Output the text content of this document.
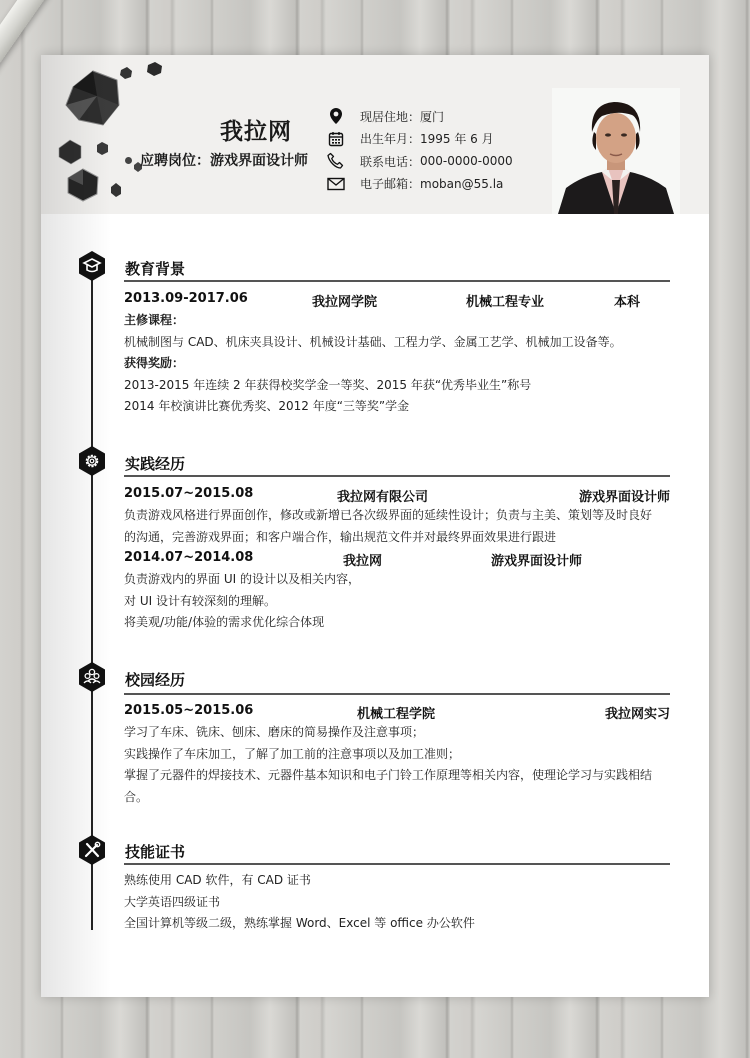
我拉网
应聘岗位：游戏界面设计师
现居住地： 厦门
出生年月： 1995 年 6 月
联系电话： 000-0000-0000
电子邮箱： moban@55.la
教育背景
2013.09-2017.06	我拉网学院	机械工程专业	本科
主修课程：
机械制图与 CAD、机床夹具设计、机械设计基础、工程力学、金属工艺学、机械加工设备等。
获得奖励：
2013-2015 年连续 2 年获得校奖学金一等奖、2015 年获“优秀毕业生”称号
2014 年校演讲比赛优秀奖、2012 年度“三等奖”学金
实践经历
2015.07~2015.08	我拉网有限公司	游戏界面设计师
负责游戏风格进行界面创作，修改或新增已各次级界面的延续性设计；负责与主美、策划等及时良好
的沟通，完善游戏界面；和客户端合作，输出规范文件并对最终界面效果进行跟进
2014.07~2014.08	我拉网	游戏界面设计师
负责游戏内的界面 UI 的设计以及相关内容，
对 UI 设计有较深刻的理解。
将美观/功能/体验的需求优化综合体现
校园经历
2015.05~2015.06	机械工程学院	我拉网实习
学习了车床、铣床、刨床、磨床的简易操作及注意事项；
实践操作了车床加工，了解了加工前的注意事项以及加工准则；
掌握了元器件的焊接技术、元器件基本知识和电子门铃工作原理等相关内容，使理论学习与实践相结
合。
技能证书
熟练使用 CAD 软件，有 CAD 证书
大学英语四级证书
全国计算机等级二级，熟练掌握 Word、Excel 等 office 办公软件
